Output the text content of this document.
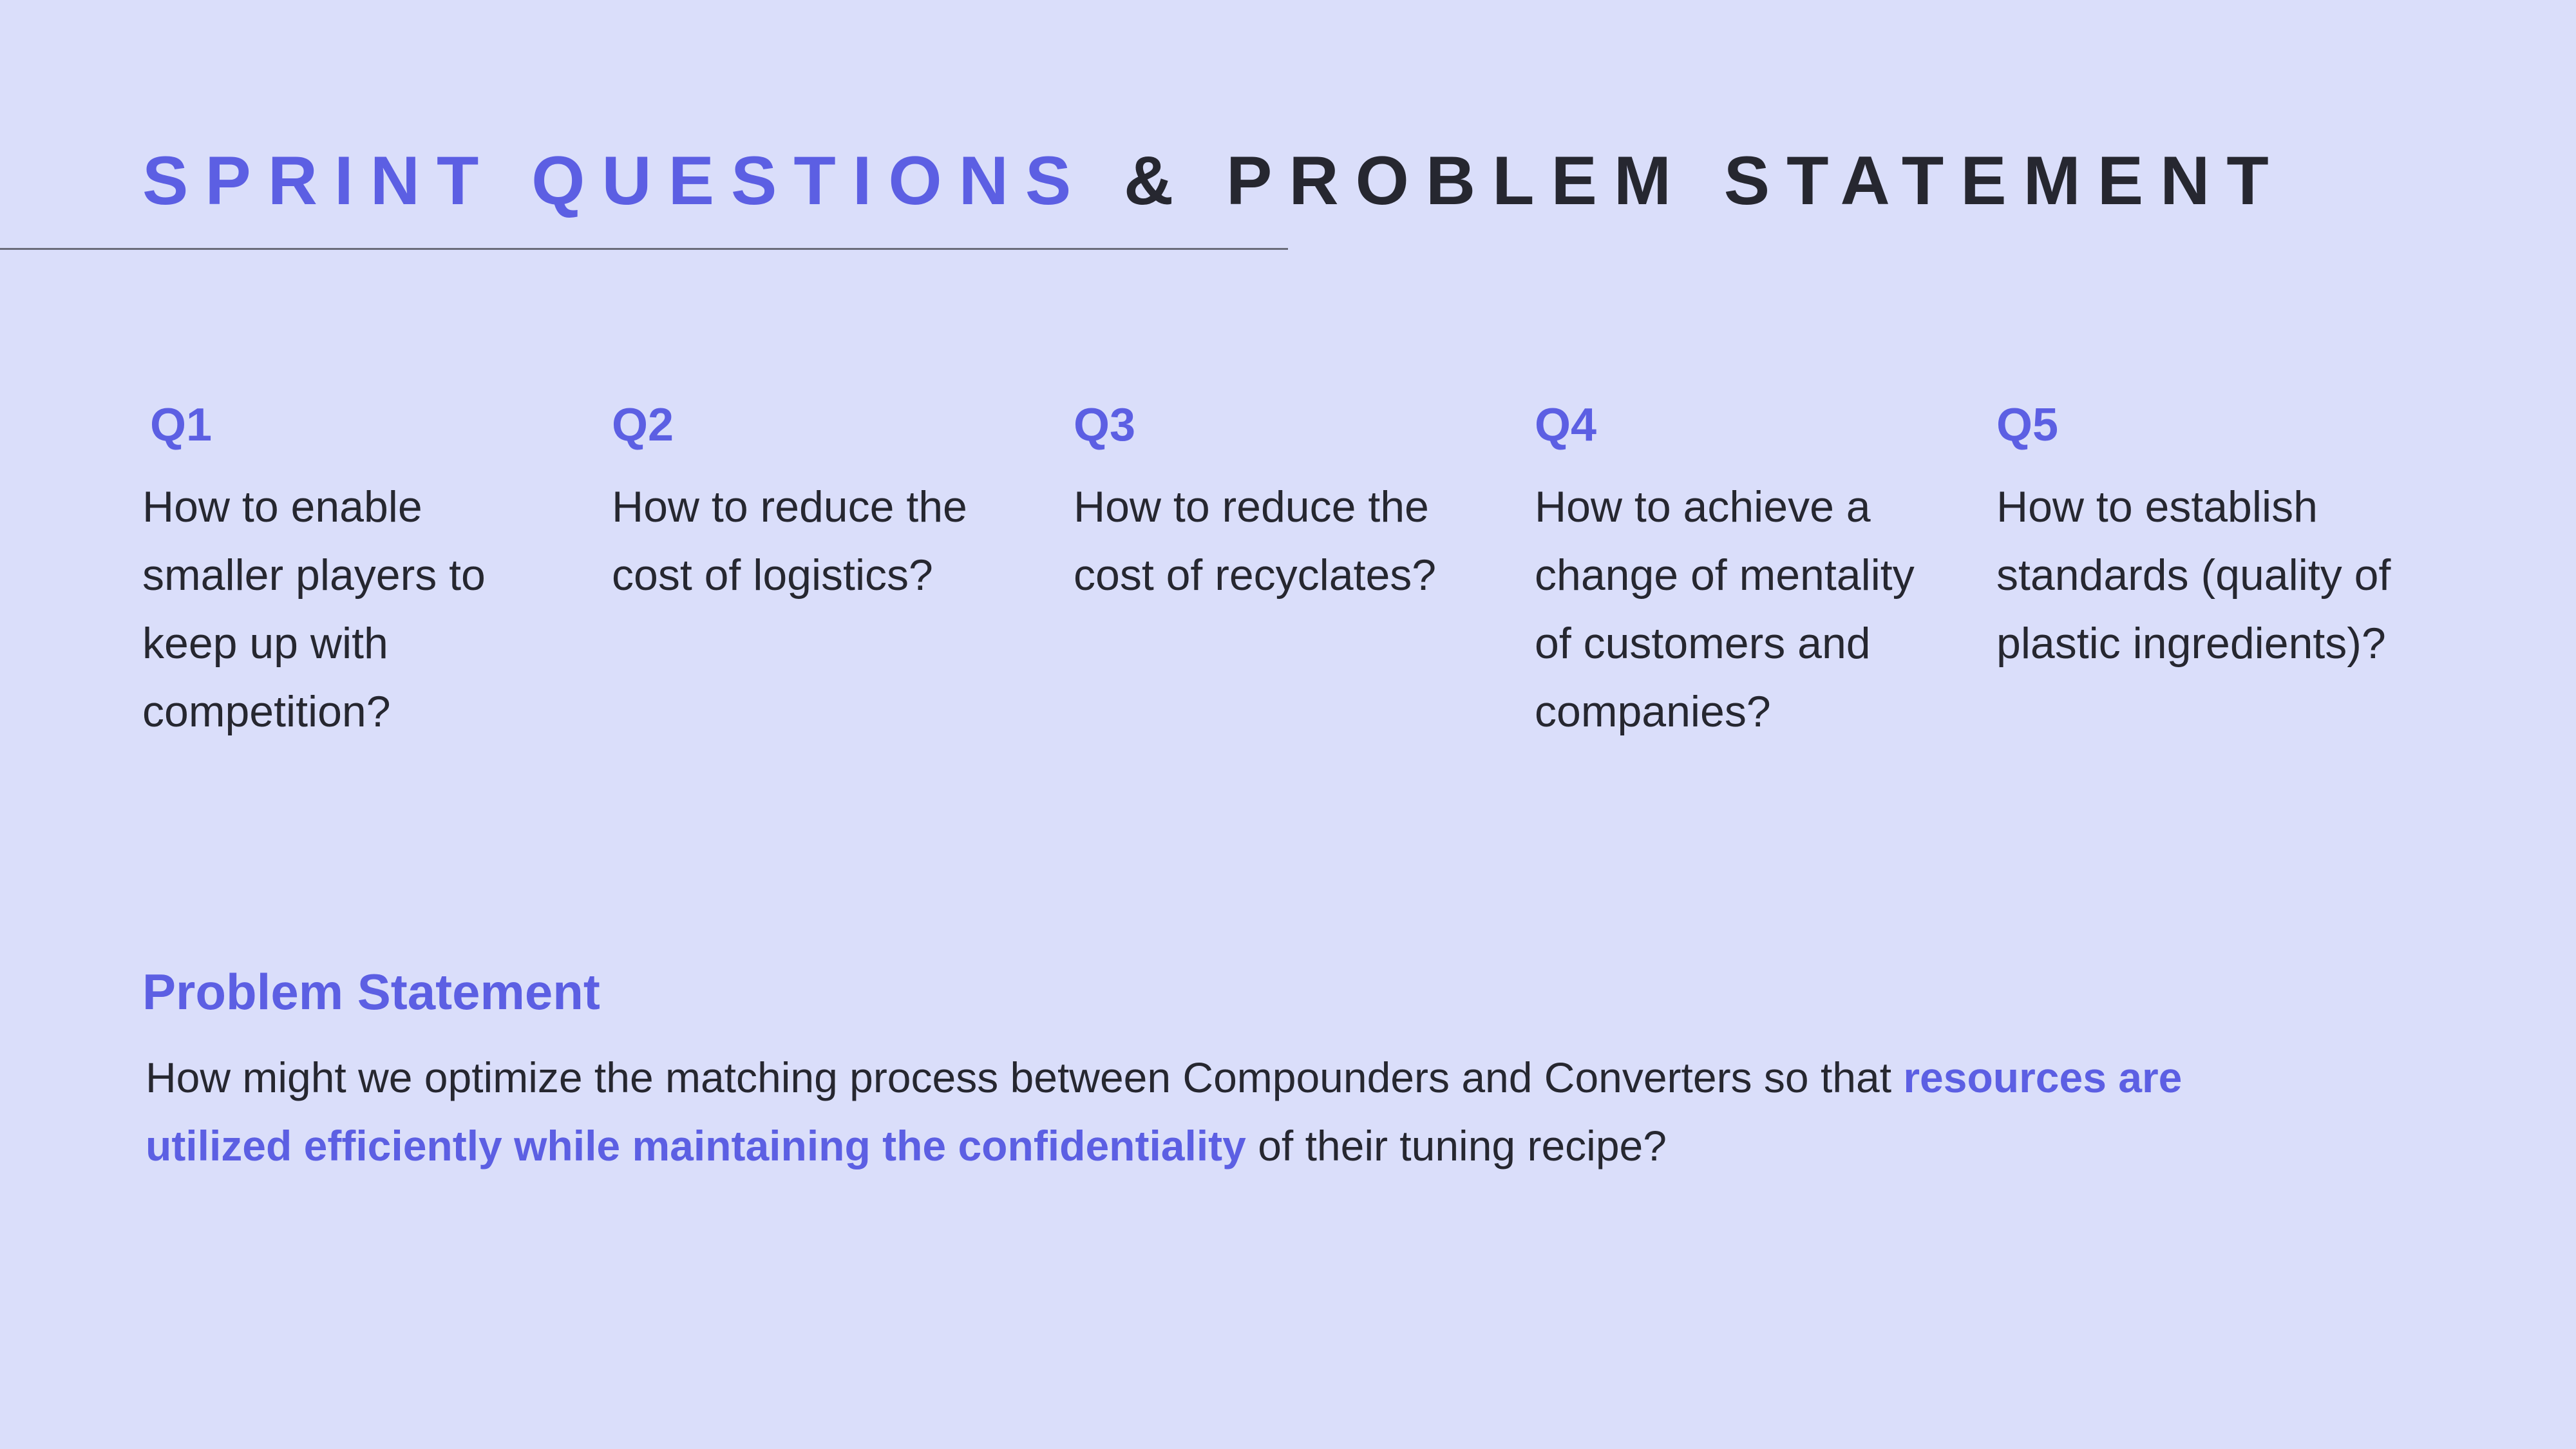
SPRINT QUESTIONS & PROBLEM STATEMENT
Q1
How to enable smaller players to keep up with competition?
Q2
How to reduce the cost of logistics?
Q3
How to reduce the cost of recyclates?
Q4
How to achieve a change of mentality of customers and companies?
Q5
How to establish standards (quality of plastic ingredients)?
Problem Statement

How might we optimize the matching process between Compounders and Converters so that resources are utilized efficiently while maintaining the confidentiality of their tuning recipe?
